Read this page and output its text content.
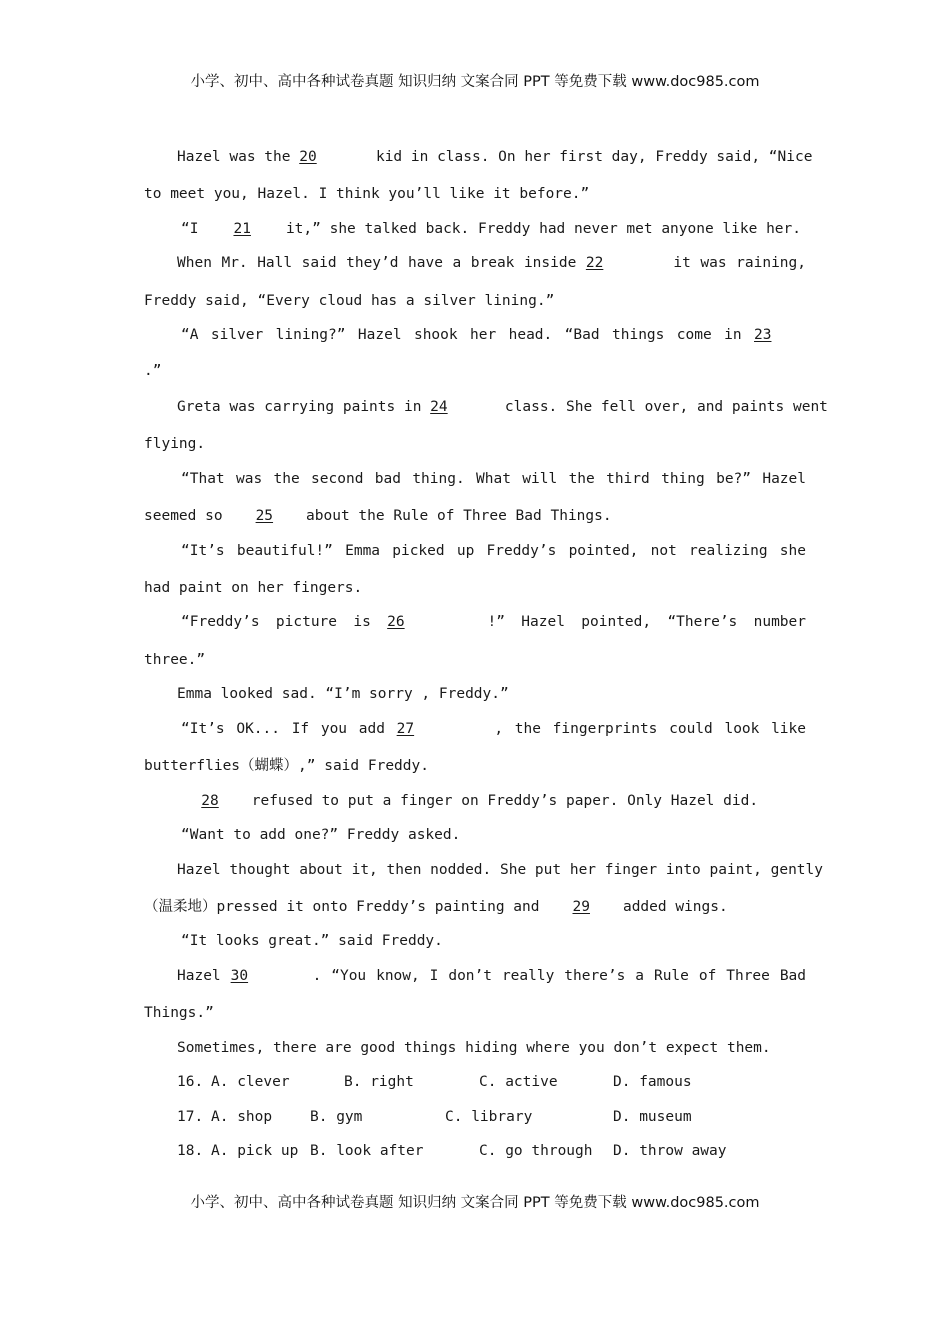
小学、初中、高中各种试卷真题 知识归纳 文案合同 PPT 等免费下载 www.doc985.com
Hazel was the 20	kid in class. On her first day, Freddy said, “Nice
to meet you, Hazel. I think you’ll like it before.”
“I 21 it,” she talked back. Freddy had never met anyone like her.
When Mr. Hall said they’d have a break inside 22	it was raining,
Freddy said, “Every cloud has a silver lining.”
“A silver lining?” Hazel shook her head. “Bad things come in 23
.”
Greta was carrying paints in 24	class. She fell over, and paints went
flying.
“That was the second bad thing. What will the third thing be?” Hazel
seemed so 25 about the Rule of Three Bad Things.
“It’s beautiful!” Emma picked up Freddy’s pointed, not realizing she
had paint on her fingers.
“Freddy’s picture is 26	!” Hazel pointed, “There’s number
three.”
Emma looked sad. “I’m sorry , Freddy.”
“It’s OK... If you add 27	, the fingerprints could look like
butterflies（蝴蝶）,” said Freddy.
28 refused to put a finger on Freddy’s paper. Only Hazel did.
“Want to add one?” Freddy asked.
Hazel thought about it, then nodded. She put her finger into paint, gently
（温柔地）pressed it onto Freddy’s painting and 29 added wings.
“It looks great.” said Freddy.
Hazel 30	. “You know, I don’t really there’s a Rule of Three Bad
Things.”
Sometimes, there are good things hiding where you don’t expect them.
16. A. clever	B. right	C. active	D. famous
17. A. shop	B. gym	C. library	D. museum
18. A. pick up B. look after	C. go through D. throw away
小学、初中、高中各种试卷真题 知识归纳 文案合同 PPT 等免费下载 www.doc985.com
